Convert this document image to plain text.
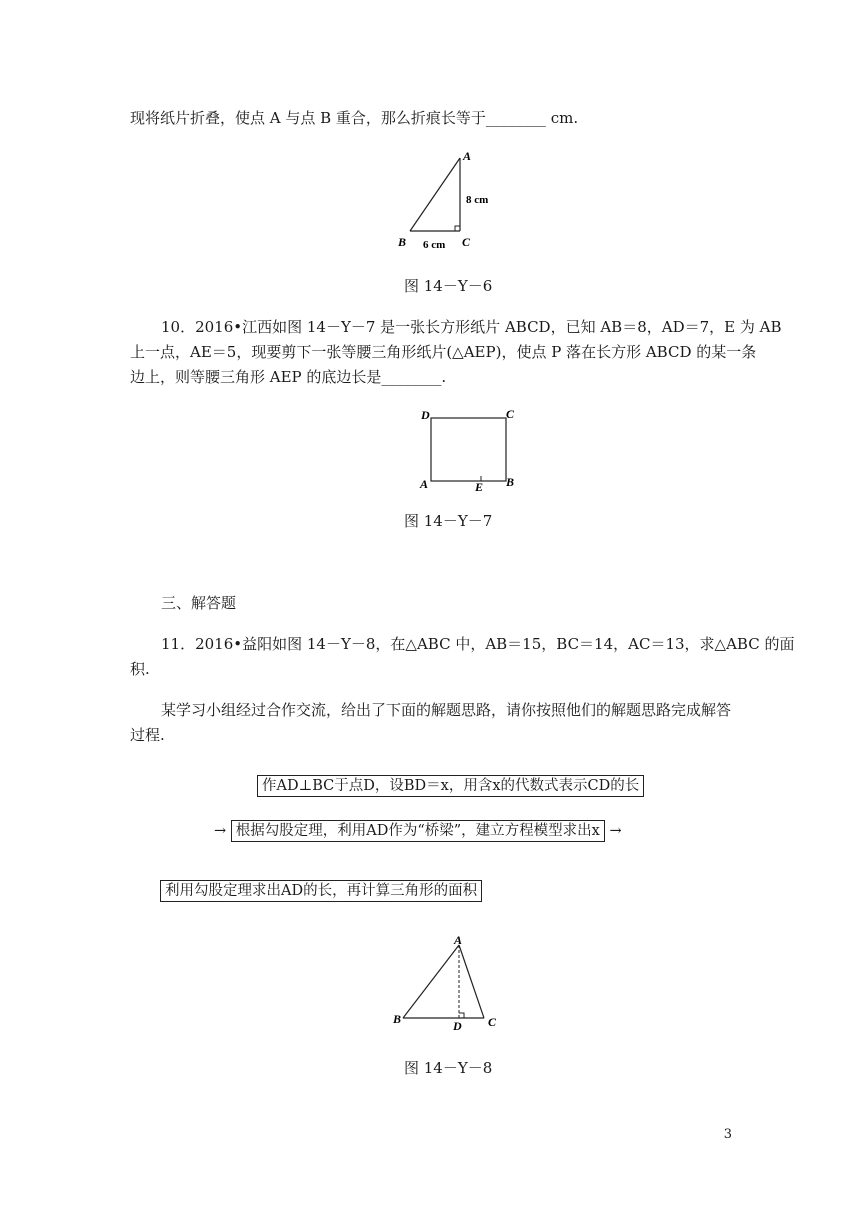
现将纸片折叠，使点 A 与点 B 重合，那么折痕长等于________ cm.
A
B	C
8 cm
6 cm
图 14－Y－6
10．2016•江西如图 14－Y－7 是一张长方形纸片 ABCD，已知 AB＝8，AD＝7，E 为 AB
上一点，AE＝5，现要剪下一张等腰三角形纸片(△AEP)，使点 P 落在长方形 ABCD 的某一条
边上，则等腰三角形 AEP 的底边长是________.
D	C
A	B
E
图 14－Y－7
三、解答题
11．2016•益阳如图 14－Y－8，在△ABC 中，AB＝15，BC＝14，AC＝13，求△ABC 的面
积.
某学习小组经过合作交流，给出了下面的解题思路，请你按照他们的解题思路完成解答
过程.
作AD⊥BC于点D，设BD＝x，用含x的代数式表示CD的长
→ 根据勾股定理，利用AD作为“桥梁”，建立方程模型求出x →
利用勾股定理求出AD的长，再计算三角形的面积
A
B	C
D
图 14－Y－8
3
